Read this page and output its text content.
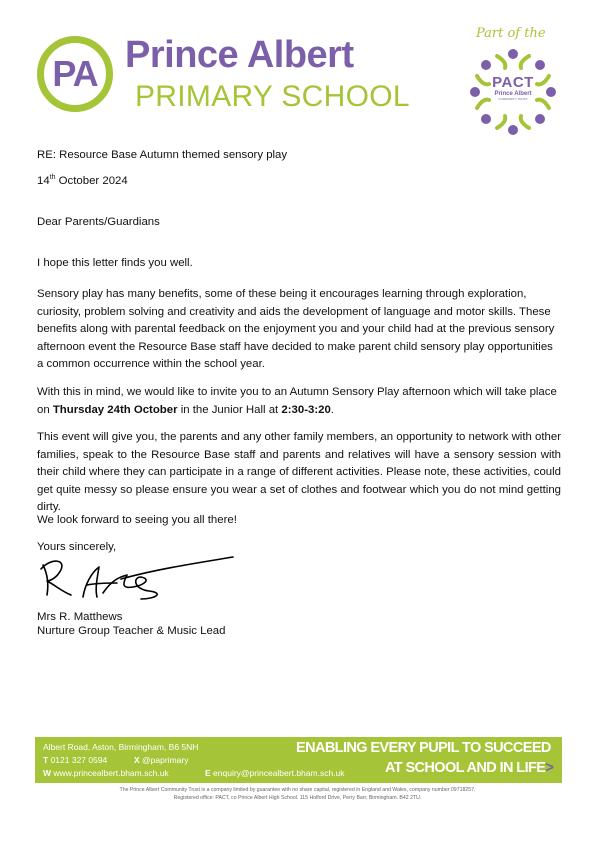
PA Prince Albert
PRIMARY SCHOOL
Part of the
PACT
Prince Albert
COMMUNITY TRUST
RE: Resource Base Autumn themed sensory play
14th October 2024
Dear Parents/Guardians
I hope this letter finds you well.
Sensory play has many benefits, some of these being it encourages learning through exploration, curiosity, problem solving and creativity and aids the development of language and motor skills. These benefits along with parental feedback on the enjoyment you and your child had at the previous sensory afternoon event the Resource Base staff have decided to make parent child sensory play opportunities a common occurrence within the school year.
With this in mind, we would like to invite you to an Autumn Sensory Play afternoon which will take place on Thursday 24th October in the Junior Hall at 2:30-3:20.
This event will give you, the parents and any other family members, an opportunity to network with other families, speak to the Resource Base staff and parents and relatives will have a sensory session with their child where they can participate in a range of different activities. Please note, these activities, could get quite messy so please ensure you wear a set of clothes and footwear which you do not mind getting dirty.
We look forward to seeing you all there!
Yours sincerely,
Mrs R. Matthews
Nurture Group Teacher & Music Lead
Albert Road, Aston, Birmingham, B6 5NH
T 0121 327 0594	X @paprimary
W www.princealbert.bham.sch.uk	E enquiry@princealbert.bham.sch.uk
ENABLING EVERY PUPIL TO SUCCEED
AT SCHOOL AND IN LIFE>
The Prince Albert Community Trust is a company limited by guarantee with no share capital, registered in England and Wales, company number 09718257.
Registered office: PACT, co Prince Albert High School. 115 Holford Drive, Perry Barr, Birmingham. B42 2TU.
